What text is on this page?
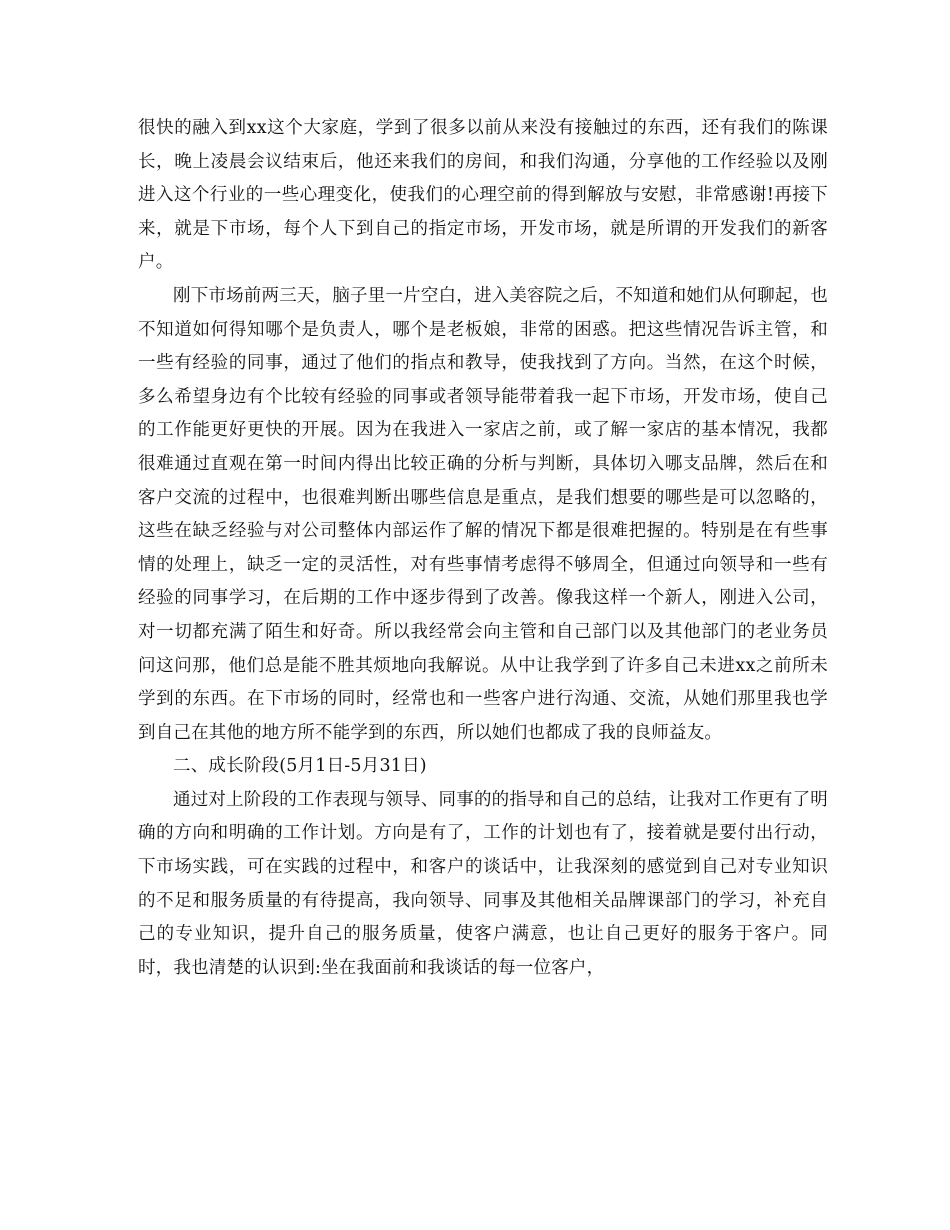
很快的融入到xx这个大家庭，学到了很多以前从来没有接触过的东西，还有我们的陈课长，晚上凌晨会议结束后，他还来我们的房间，和我们沟通，分享他的工作经验以及刚进入这个行业的一些心理变化，使我们的心理空前的得到解放与安慰，非常感谢!再接下来，就是下市场，每个人下到自己的指定市场，开发市场，就是所谓的开发我们的新客户。

刚下市场前两三天，脑子里一片空白，进入美容院之后，不知道和她们从何聊起，也不知道如何得知哪个是负责人，哪个是老板娘，非常的困惑。把这些情况告诉主管，和一些有经验的同事，通过了他们的指点和教导，使我找到了方向。当然，在这个时候，多么希望身边有个比较有经验的同事或者领导能带着我一起下市场，开发市场，使自己的工作能更好更快的开展。因为在我进入一家店之前，或了解一家店的基本情况，我都很难通过直观在第一时间内得出比较正确的分析与判断，具体切入哪支品牌，然后在和客户交流的过程中，也很难判断出哪些信息是重点，是我们想要的哪些是可以忽略的，这些在缺乏经验与对公司整体内部运作了解的情况下都是很难把握的。特别是在有些事情的处理上，缺乏一定的灵活性，对有些事情考虑得不够周全，但通过向领导和一些有经验的同事学习，在后期的工作中逐步得到了改善。像我这样一个新人，刚进入公司，对一切都充满了陌生和好奇。所以我经常会向主管和自己部门以及其他部门的老业务员问这问那，他们总是能不胜其烦地向我解说。从中让我学到了许多自己未进xx之前所未学到的东西。在下市场的同时，经常也和一些客户进行沟通、交流，从她们那里我也学到自己在其他的地方所不能学到的东西，所以她们也都成了我的良师益友。

二、成长阶段(5月1日-5月31日)

通过对上阶段的工作表现与领导、同事的的指导和自己的总结，让我对工作更有了明确的方向和明确的工作计划。方向是有了，工作的计划也有了，接着就是要付出行动，下市场实践，可在实践的过程中，和客户的谈话中，让我深刻的感觉到自己对专业知识的不足和服务质量的有待提高，我向领导、同事及其他相关品牌课部门的学习，补充自己的专业知识，提升自己的服务质量，使客户满意，也让自己更好的服务于客户。同时，我也清楚的认识到:坐在我面前和我谈话的每一位客户，
